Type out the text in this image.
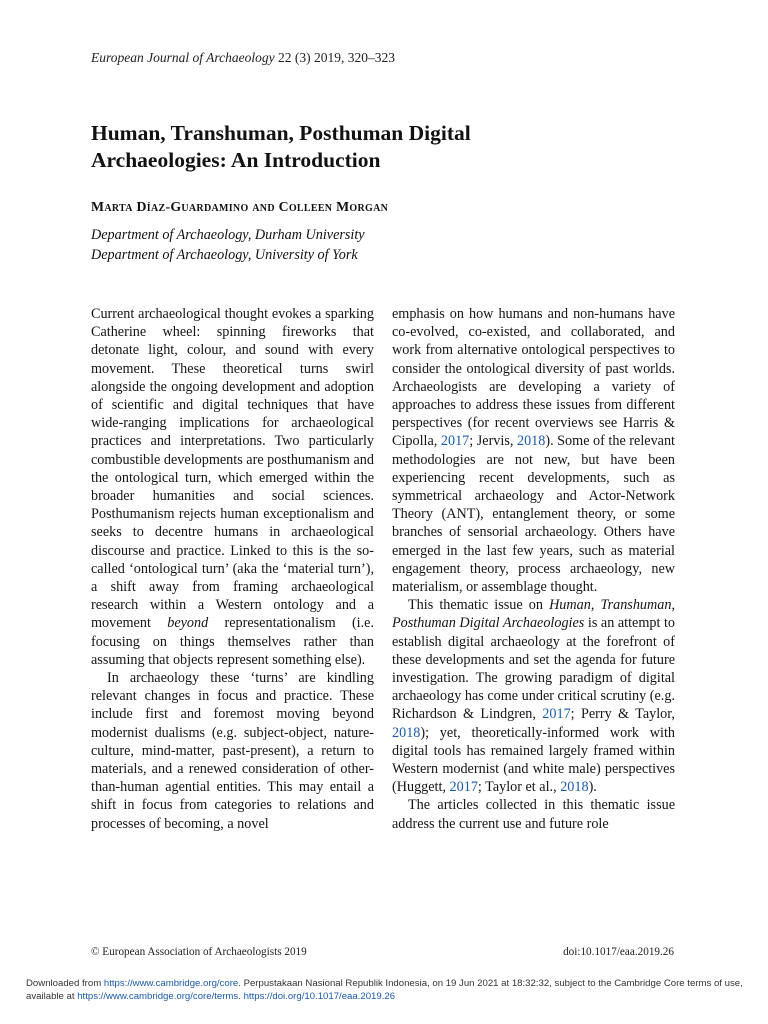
European Journal of Archaeology 22 (3) 2019, 320–323
Human, Transhuman, Posthuman Digital
Archaeologies: An Introduction
Marta Díaz-Guardamino and Colleen Morgan
Department of Archaeology, Durham University
Department of Archaeology, University of York

Current archaeological thought evokes a sparking Catherine wheel: spinning fireworks that detonate light, colour, and sound with every movement. These theoretical turns swirl alongside the ongoing development and adoption of scientific and digital techniques that have wide-ranging implications for archaeological practices and interpretations. Two particularly combustible developments are posthumanism and the ontological turn, which emerged within the broader humanities and social sciences. Posthumanism rejects human exceptionalism and seeks to decentre humans in archaeological discourse and practice. Linked to this is the so-called ‘ontological turn’ (aka the ‘material turn’), a shift away from framing archaeological research within a Western ontology and a movement beyond representationalism (i.e. focusing on things themselves rather than assuming that objects represent something else).

In archaeology these ‘turns’ are kindling relevant changes in focus and practice. These include first and foremost moving beyond modernist dualisms (e.g. subject-object, nature-culture, mind-matter, past-present), a return to materials, and a renewed consideration of other-than-human agential entities. This may entail a shift in focus from categories to relations and processes of becoming, a novel

emphasis on how humans and non-humans have co-evolved, co-existed, and collaborated, and work from alternative ontological perspectives to consider the ontological diversity of past worlds. Archaeologists are developing a variety of approaches to address these issues from different perspectives (for recent overviews see Harris & Cipolla, 2017; Jervis, 2018). Some of the relevant methodologies are not new, but have been experiencing recent developments, such as symmetrical archaeology and Actor-Network Theory (ANT), entanglement theory, or some branches of sensorial archaeology. Others have emerged in the last few years, such as material engagement theory, process archaeology, new materialism, or assemblage thought.

This thematic issue on Human, Transhuman, Posthuman Digital Archaeologies is an attempt to establish digital archaeology at the forefront of these developments and set the agenda for future investigation. The growing paradigm of digital archaeology has come under critical scrutiny (e.g. Richardson & Lindgren, 2017; Perry & Taylor, 2018); yet, theoretically-informed work with digital tools has remained largely framed within Western modernist (and white male) perspectives (Huggett, 2017; Taylor et al., 2018).

The articles collected in this thematic issue address the current use and future role

© European Association of Archaeologists 2019	doi:10.1017/eaa.2019.26
Downloaded from https://www.cambridge.org/core. Perpustakaan Nasional Republik Indonesia, on 19 Jun 2021 at 18:32:32, subject to the Cambridge Core terms of use, available at https://www.cambridge.org/core/terms. https://doi.org/10.1017/eaa.2019.26
